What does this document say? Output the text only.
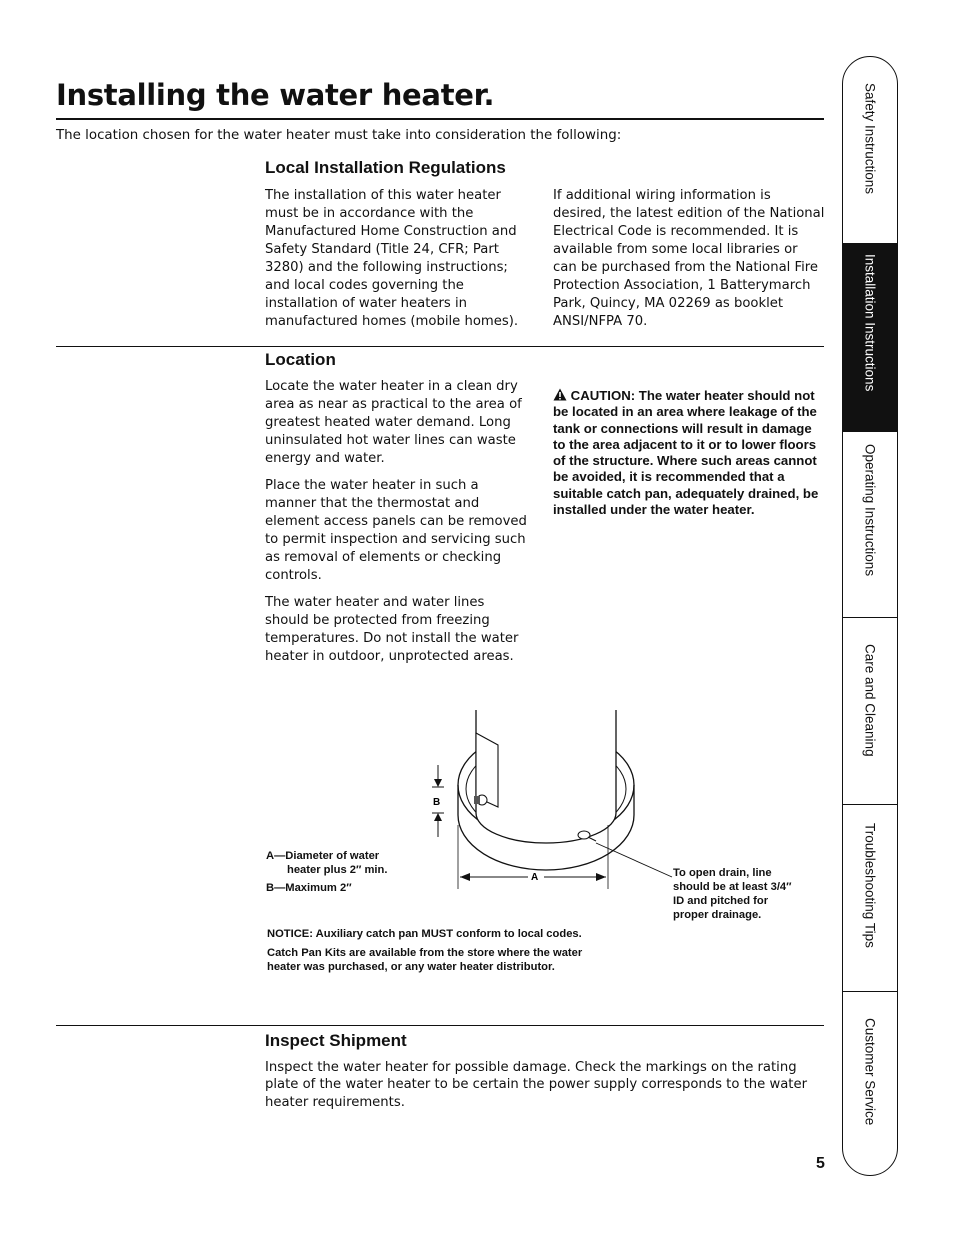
Installing the water heater.
The location chosen for the water heater must take into consideration the following:
Local Installation Regulations
The installation of this water heater must be in accordance with the Manufactured Home Construction and Safety Standard (Title 24, CFR; Part 3280) and the following instructions; and local codes governing the installation of water heaters in manufactured homes (mobile homes).
If additional wiring information is desired, the latest edition of the National Electrical Code is recommended. It is available from some local libraries or can be purchased from the National Fire Protection Association, 1 Batterymarch Park, Quincy, MA 02269 as booklet ANSI/NFPA 70.
Location

Locate the water heater in a clean dry area as near as practical to the area of greatest heated water demand. Long uninsulated hot water lines can waste energy and water.

Place the water heater in such a manner that the thermostat and element access panels can be removed to permit inspection and servicing such as removal of elements or checking controls.

The water heater and water lines should be protected from freezing temperatures. Do not install the water heater in outdoor, unprotected areas.

CAUTION: The water heater should not be located in an area where leakage of the tank or connections will result in damage to the area adjacent to it or to lower floors of the structure. Where such areas cannot be avoided, it is recommended that a suitable catch pan, adequately drained, be installed under the water heater.
B
A
A—Diameter of water
heater plus 2″ min.
B—Maximum 2″
To open drain, line
should be at least 3/4″
ID and pitched for
proper drainage.
NOTICE: Auxiliary catch pan MUST conform to local codes.
Catch Pan Kits are available from the store where the water
heater was purchased, or any water heater distributor.
Inspect Shipment
Inspect the water heater for possible damage. Check the markings on the rating plate of the water heater to be certain the power supply corresponds to the water heater requirements.
Safety Instructions
Installation Instructions
Operating Instructions
Care and Cleaning
Troubleshooting Tips
Customer Service
5
